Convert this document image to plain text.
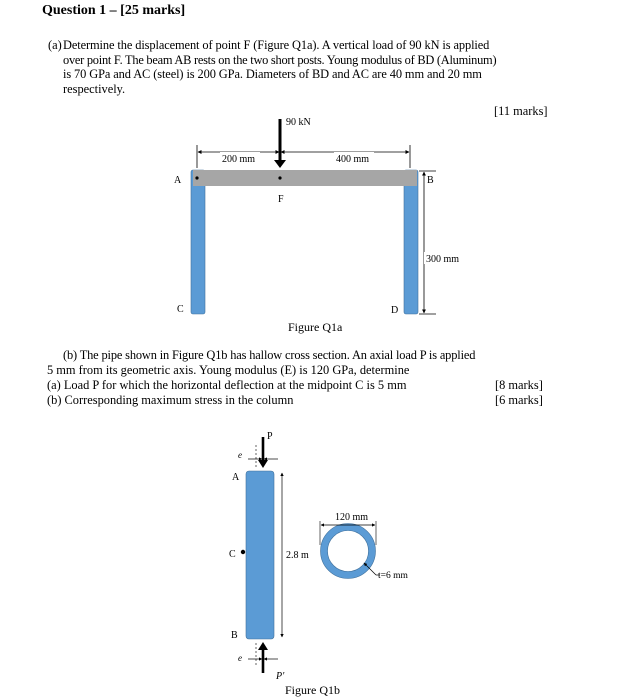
Question 1 – [25 marks]
(a) Determine the displacement of point F (Figure Q1a). A vertical load of 90 kN is applied
over point F. The beam AB rests on the two short posts. Young modulus of BD (Aluminum)
is 70 GPa and AC (steel) is 200 GPa. Diameters of BD and AC are 40 mm and 20 mm
respectively.
[11 marks]
90 kN
200 mm	400 mm
300 mm
A	B
C	D
F
Figure Q1a
(b) The pipe shown in Figure Q1b has hallow cross section. An axial load P is applied
5 mm from its geometric axis. Young modulus (E) is 120 GPa, determine
(a) Load P for which the horizontal deflection at the midpoint C is 5 mm	[8 marks]
(b) Corresponding maximum stress in the column	[6 marks]
P
e
A
C	2.8 m
120 mm
t=6 mm
B
e
P'
Figure Q1b
